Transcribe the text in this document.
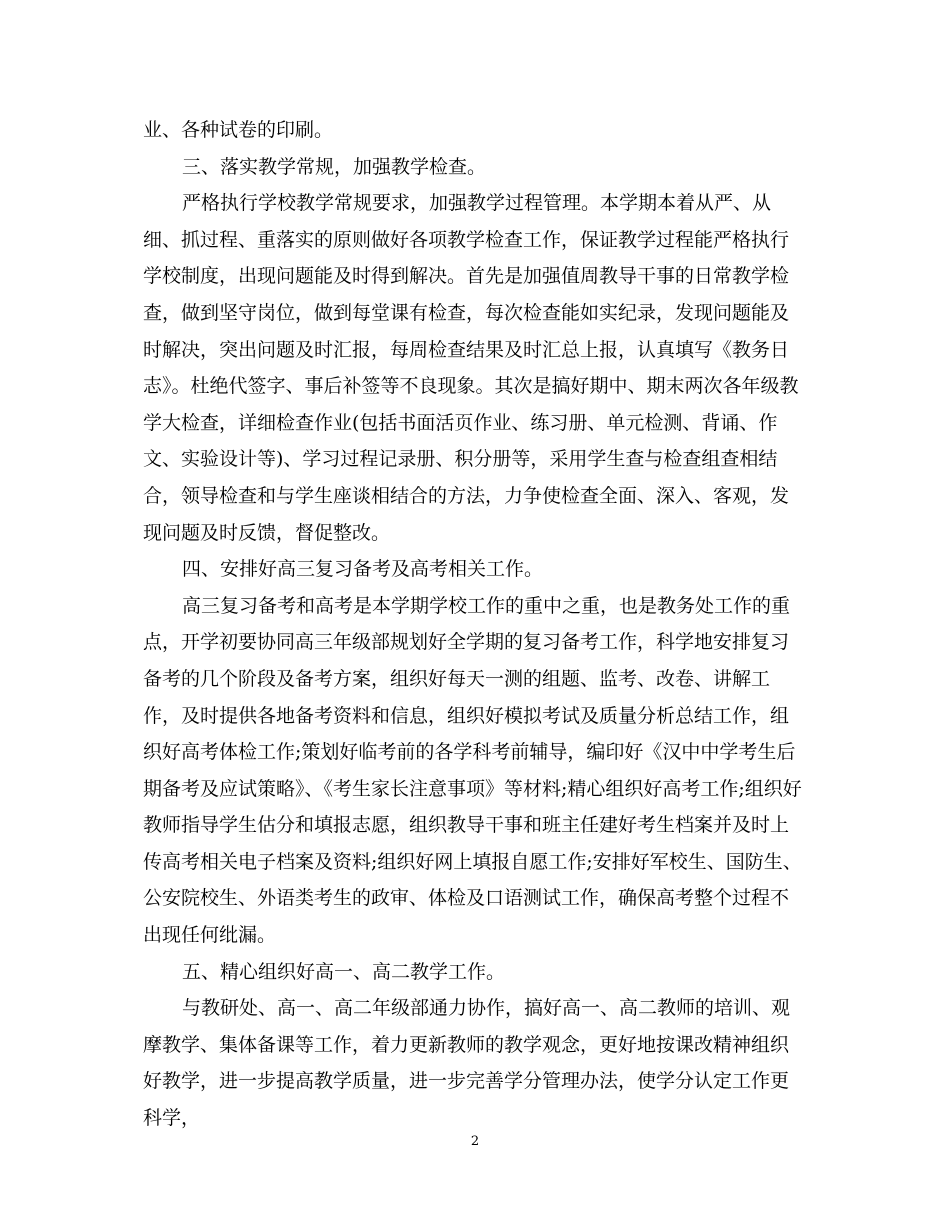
业、各种试卷的印刷。

三、落实教学常规，加强教学检查。

严格执行学校教学常规要求，加强教学过程管理。本学期本着从严、从细、抓过程、重落实的原则做好各项教学检查工作，保证教学过程能严格执行学校制度，出现问题能及时得到解决。首先是加强值周教导干事的日常教学检查，做到坚守岗位，做到每堂课有检查，每次检查能如实纪录，发现问题能及时解决，突出问题及时汇报，每周检查结果及时汇总上报，认真填写《教务日志》。杜绝代签字、事后补签等不良现象。其次是搞好期中、期末两次各年级教学大检查，详细检查作业(包括书面活页作业、练习册、单元检测、背诵、作文、实验设计等)、学习过程记录册、积分册等，采用学生查与检查组查相结合，领导检查和与学生座谈相结合的方法，力争使检查全面、深入、客观，发现问题及时反馈，督促整改。

四、安排好高三复习备考及高考相关工作。

高三复习备考和高考是本学期学校工作的重中之重，也是教务处工作的重点，开学初要协同高三年级部规划好全学期的复习备考工作，科学地安排复习备考的几个阶段及备考方案，组织好每天一测的组题、监考、改卷、讲解工作，及时提供各地备考资料和信息，组织好模拟考试及质量分析总结工作，组织好高考体检工作;策划好临考前的各学科考前辅导，编印好《汉中中学考生后期备考及应试策略》、《考生家长注意事项》等材料;精心组织好高考工作;组织好教师指导学生估分和填报志愿，组织教导干事和班主任建好考生档案并及时上传高考相关电子档案及资料;组织好网上填报自愿工作;安排好军校生、国防生、公安院校生、外语类考生的政审、体检及口语测试工作，确保高考整个过程不出现任何纰漏。

五、精心组织好高一、高二教学工作。

与教研处、高一、高二年级部通力协作，搞好高一、高二教师的培训、观摩教学、集体备课等工作，着力更新教师的教学观念，更好地按课改精神组织好教学，进一步提高教学质量，进一步完善学分管理办法，使学分认定工作更科学，

2
